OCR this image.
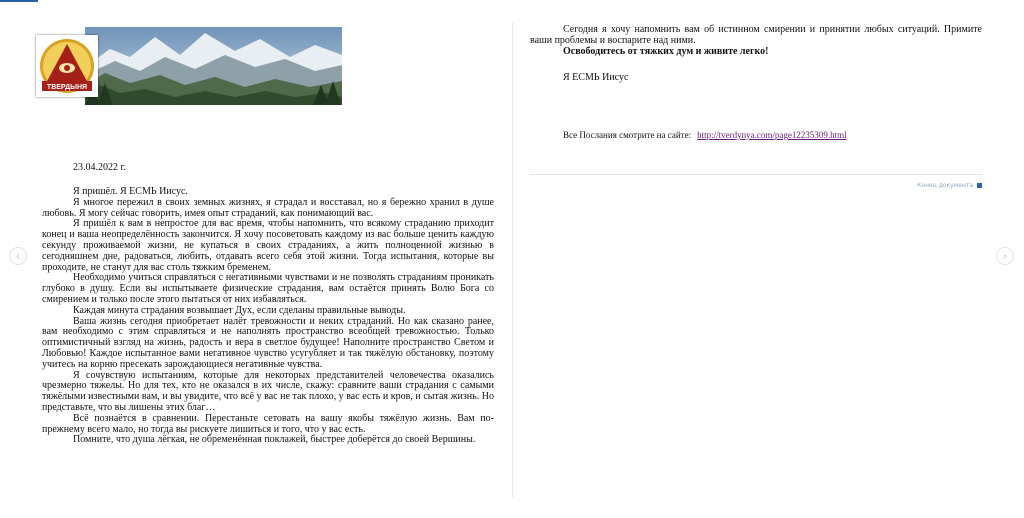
‹	›
ТВЕРДЫНЯ
23.04.2022 г.

Я пришёл. Я ЕСМЬ Иисус.

Я многое пережил в своих земных жизнях, я страдал и восставал, но я бережно хранил в душе любовь. Я могу сейчас говорить, имея опыт страданий, как понимающий вас.

Я пришёл к вам в непростое для вас время, чтобы напомнить, что всякому страданию приходит конец и ваша неопределённость закончится. Я хочу посоветовать каждому из вас больше ценить каждую секунду проживаемой жизни, не купаться в своих страданиях, а жить полноценной жизнью в сегодняшнем дне, радоваться, любить, отдавать всего себя этой жизни. Тогда испытания, которые вы проходите, не станут для вас столь тяжким бременем.

Необходимо учиться справляться с негативными чувствами и не позволять страданиям проникать глубоко в душу. Если вы испытываете физические страдания, вам остаётся принять Волю Бога со смирением и только после этого пытаться от них избавляться.

Каждая минута страдания возвышает Дух, если сделаны правильные выводы.

Ваша жизнь сегодня приобретает налёт тревожности и неких страданий. Но как сказано ранее, вам необходимо с этим справляться и не наполнять пространство всеобщей тревожностью. Только оптимистичный взгляд на жизнь, радость и вера в светлое будущее! Наполните пространство Светом и Любовью! Каждое испытанное вами негативное чувство усугубляет и так тяжёлую обстановку, поэтому учитесь на корню пресекать зарождающиеся негативные чувства.

Я сочувствую испытаниям, которые для некоторых представителей человечества оказались чрезмерно тяжелы. Но для тех, кто не оказался в их числе, скажу: сравните ваши страдания с самыми тяжёлыми известными вам, и вы увидите, что всё у вас не так плохо, у вас есть и кров, и сытая жизнь. Но представьте, что вы лишены этих благ…

Всё познаётся в сравнении. Перестаньте сетовать на вашу якобы тяжёлую жизнь. Вам по-прежнему всего мало, но тогда вы рискуете лишиться и того, что у вас есть.

Помните, что душа лёгкая, не обременённая поклажей, быстрее доберётся до своей Вершины.

Сегодня я хочу напомнить вам об истинном смирении и принятии любых ситуаций. Примите ваши проблемы и воспарите над ними.

Освободитесь от тяжких дум и живите легко!

Я ЕСМЬ Иисус
Все Послания смотрите на сайте: http://tverdynya.com/page12235309.html
Конец документа
